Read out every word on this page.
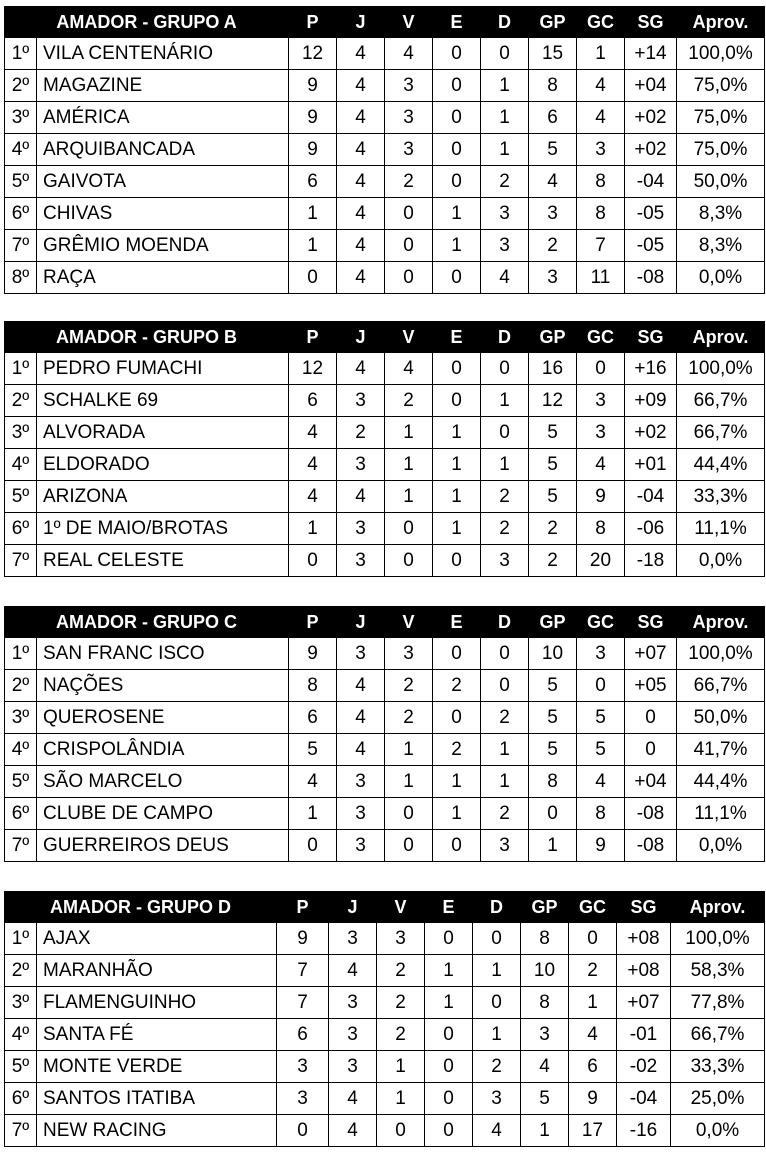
AMADOR - GRUPO A		P	J	V	E	D	GP	GC	SG	Aprov.
1º	VILA CENTENÁRIO	12	4	4	0	0	15	1	+14	100,0%
2º	MAGAZINE	9	4	3	0	1	8	4	+04	75,0%
3º	AMÉRICA	9	4	3	0	1	6	4	+02	75,0%
4º	ARQUIBANCADA	9	4	3	0	1	5	3	+02	75,0%
5º	GAIVOTA	6	4	2	0	2	4	8	-04	50,0%
6º	CHIVAS	1	4	0	1	3	3	8	-05	8,3%
7º	GRÊMIO MOENDA	1	4	0	1	3	2	7	-05	8,3%
8º	RAÇA	0	4	0	0	4	3	11	-08	0,0%
AMADOR - GRUPO B		P	J	V	E	D	GP	GC	SG	Aprov.
1º	PEDRO FUMACHI	12	4	4	0	0	16	0	+16	100,0%
2º	SCHALKE 69	6	3	2	0	1	12	3	+09	66,7%
3º	ALVORADA	4	2	1	1	0	5	3	+02	66,7%
4º	ELDORADO	4	3	1	1	1	5	4	+01	44,4%
5º	ARIZONA	4	4	1	1	2	5	9	-04	33,3%
6º	1º DE MAIO/BROTAS	1	3	0	1	2	2	8	-06	11,1%
7º	REAL CELESTE	0	3	0	0	3	2	20	-18	0,0%
AMADOR - GRUPO C		P	J	V	E	D	GP	GC	SG	Aprov.
1º	SAN FRANC ISCO	9	3	3	0	0	10	3	+07	100,0%
2º	NAÇÕES	8	4	2	2	0	5	0	+05	66,7%
3º	QUEROSENE	6	4	2	0	2	5	5	0	50,0%
4º	CRISPOLÂNDIA	5	4	1	2	1	5	5	0	41,7%
5º	SÃO MARCELO	4	3	1	1	1	8	4	+04	44,4%
6º	CLUBE DE CAMPO	1	3	0	1	2	0	8	-08	11,1%
7º	GUERREIROS DEUS	0	3	0	0	3	1	9	-08	0,0%
AMADOR - GRUPO D		P	J	V	E	D	GP	GC	SG	Aprov.
1º	AJAX	9	3	3	0	0	8	0	+08	100,0%
2º	MARANHÃO	7	4	2	1	1	10	2	+08	58,3%
3º	FLAMENGUINHO	7	3	2	1	0	8	1	+07	77,8%
4º	SANTA FÉ	6	3	2	0	1	3	4	-01	66,7%
5º	MONTE VERDE	3	3	1	0	2	4	6	-02	33,3%
6º	SANTOS ITATIBA	3	4	1	0	3	5	9	-04	25,0%
7º	NEW RACING	0	4	0	0	4	1	17	-16	0,0%
